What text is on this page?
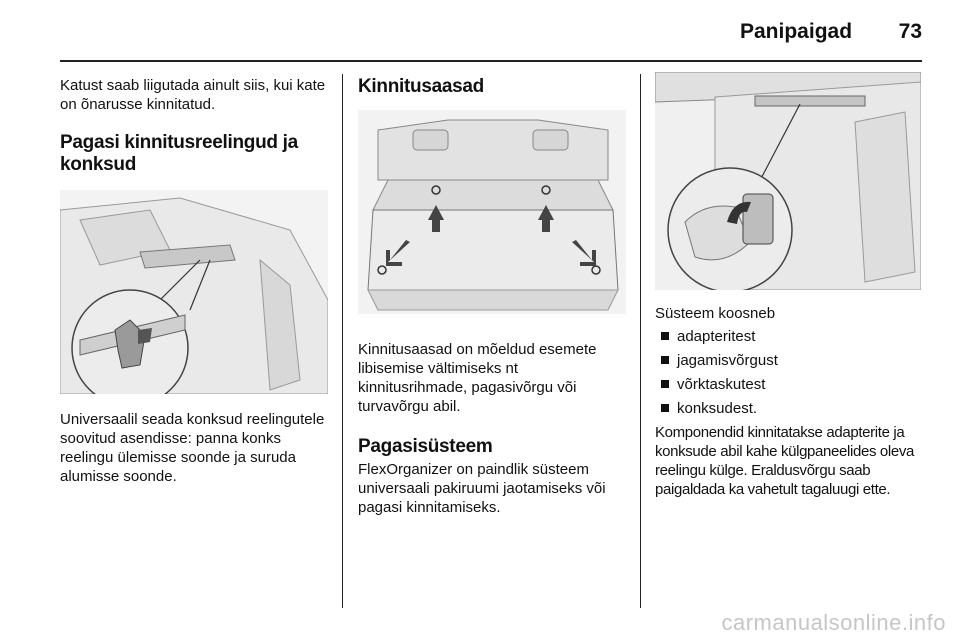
Panipaigad	73

Katust saab liigutada ainult siis, kui kate on õnarusse kinnitatud.

Pagasi kinnitusreelingud ja konksud

Universaalil seada konksud reelingutele soovitud asendisse: panna konks reelingu ülemisse soonde ja suruda alumisse soonde.

Kinnitusaasad

Kinnitusaasad on mõeldud esemete libisemise vältimiseks nt kinnitusrihmade, pagasivõrgu või turvavõrgu abil.

Pagasisüsteem

FlexOrganizer on paindlik süsteem universaali pakiruumi jaotamiseks või pagasi kinnitamiseks.

Süsteem koosneb

adapteritest
jagamisvõrgust
võrktaskutest
konksudest.

Komponendid kinnitatakse adapterite ja konksude abil kahe külgpaneelides oleva reelingu külge. Eraldusvõrgu saab paigaldada ka vahetult tagaluugi ette.

carmanualsonline.info
